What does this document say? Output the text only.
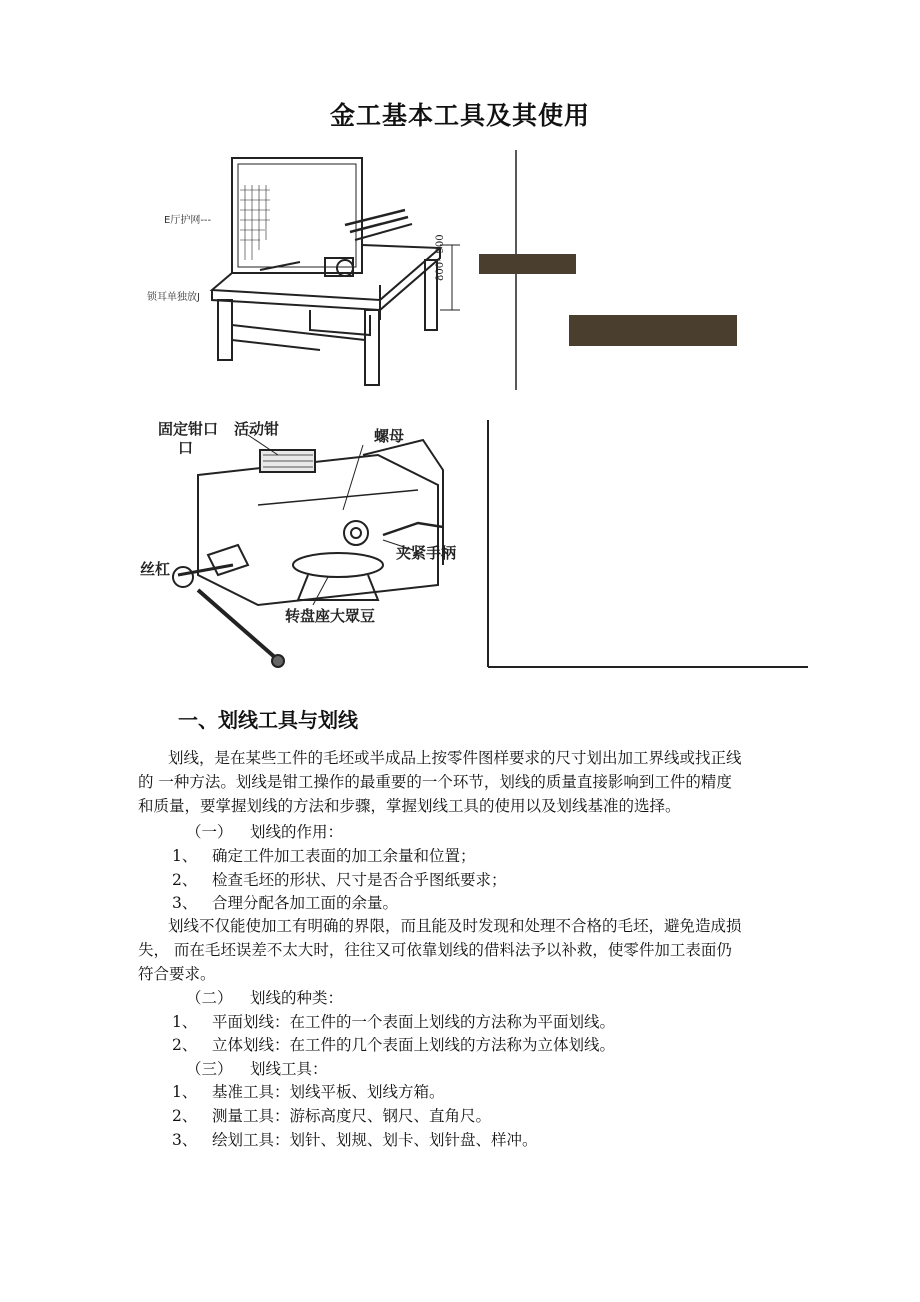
金工基本工具及其使用
800~900
E厅护网---
锁耳单独放J
固定钳口 活动钳
口
螺母
夹紧手柄
丝杠
转盘座大眾豆
一、划线工具与划线
划线，是在某些工件的毛坯或半成品上按零件图样要求的尺寸划出加工界线或找正线
的 一种方法。划线是钳工操作的最重要的一个环节，划线的质量直接影响到工件的精度
和质量，要掌握划线的方法和步骤，掌握划线工具的使用以及划线基准的选择。
（一） 划线的作用：
1、 确定工件加工表面的加工余量和位置；
2、 检查毛坯的形状、尺寸是否合乎图纸要求；
3、 合理分配各加工面的余量。
划线不仅能使加工有明确的界限，而且能及时发现和处理不合格的毛坯，避免造成损
失， 而在毛坯误差不太大时，往往又可依靠划线的借料法予以补救，使零件加工表面仍
符合要求。
（二） 划线的种类：
1、 平面划线：在工件的一个表面上划线的方法称为平面划线。
2、 立体划线：在工件的几个表面上划线的方法称为立体划线。
（三） 划线工具：
1、 基准工具：划线平板、划线方箱。
2、 测量工具：游标高度尺、钢尺、直角尺。
3、 绘划工具：划针、划规、划卡、划针盘、样冲。
